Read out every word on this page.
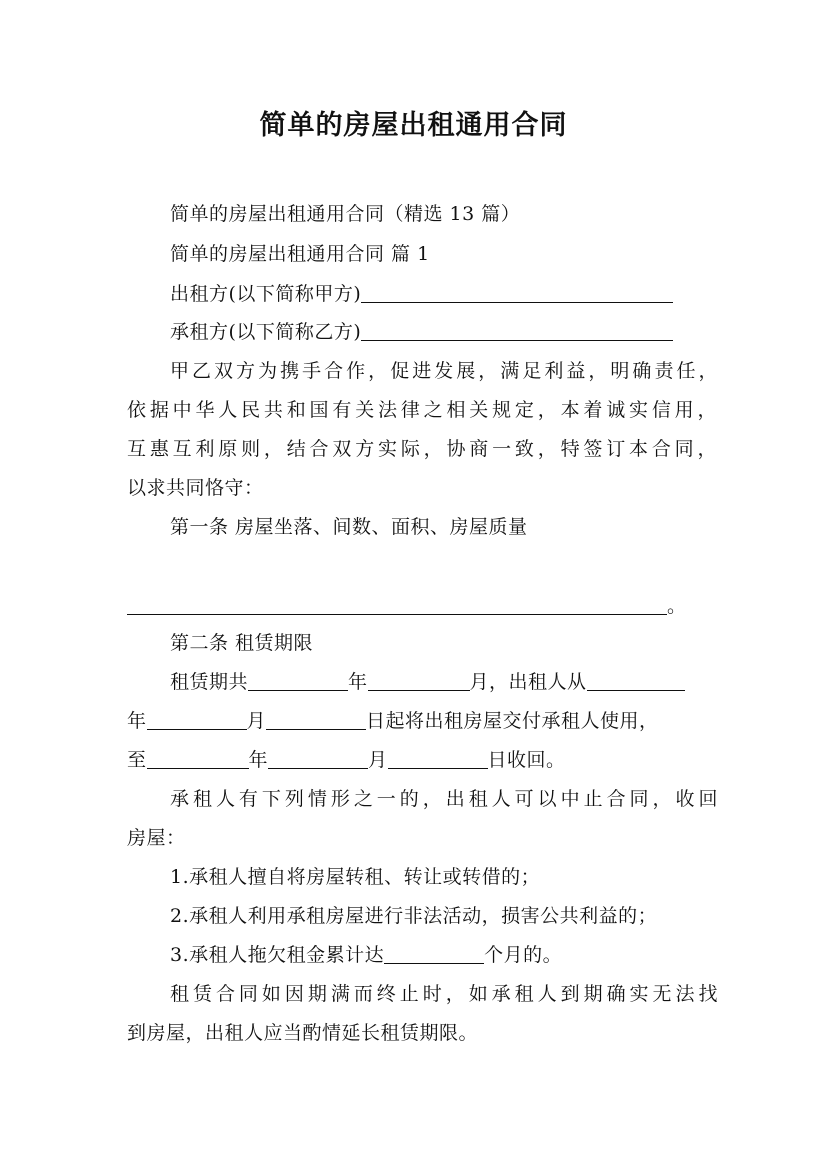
简单的房屋出租通用合同
简单的房屋出租通用合同（精选 13 篇）
简单的房屋出租通用合同 篇 1
出租方(以下简称甲方)
承租方(以下简称乙方)
甲乙双方为携手合作，促进发展，满足利益，明确责任，
依据中华人民共和国有关法律之相关规定，本着诚实信用，
互惠互利原则，结合双方实际，协商一致，特签订本合同，
以求共同恪守：
第一条 房屋坐落、间数、面积、房屋质量
。
第二条 租赁期限
租赁期共	年	月，出租人从
年	月	日起将出租房屋交付承租人使用，
至	年	月	日收回。
承租人有下列情形之一的，出租人可以中止合同，收回
房屋：
1.承租人擅自将房屋转租、转让或转借的；
2.承租人利用承租房屋进行非法活动，损害公共利益的；
3.承租人拖欠租金累计达	个月的。
租赁合同如因期满而终止时，如承租人到期确实无法找
到房屋，出租人应当酌情延长租赁期限。
